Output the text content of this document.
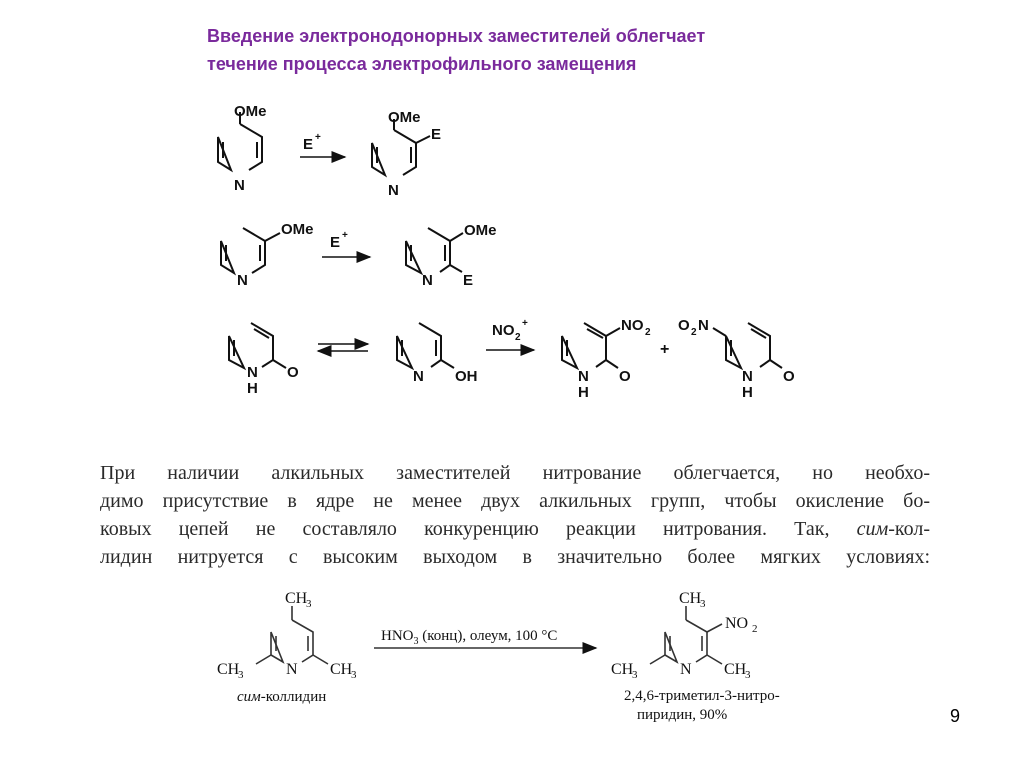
Введение электронодонорных заместителей облегчает
течение процесса электрофильного замещения
OMe
N
E +
OMe
N
E
OMe
N
E +	OMe
N E
N
H
O	N OH
NO 2
+	NO 2
N
H
O
+
O 2 N
N
H
O
CH
3
CH
3	CH
3
N
сим-коллидин
$HNO_3$ (конц), олеум, 100 °С
CH
3
NO 2
CH
3	CH
3
N
2,4,6-триметил-3-нитро-
пиридин, 90%
При наличии алкильных заместителей нитрование облегчается, но необхо-
димо присутствие в ядре не менее двух алкильных групп, чтобы окисление бо-
ковых цепей не составляло конкуренцию реакции нитрования. Так, сим-кол-
лидин нитруется с высоким выходом в значительно более мягких условиях:
9
